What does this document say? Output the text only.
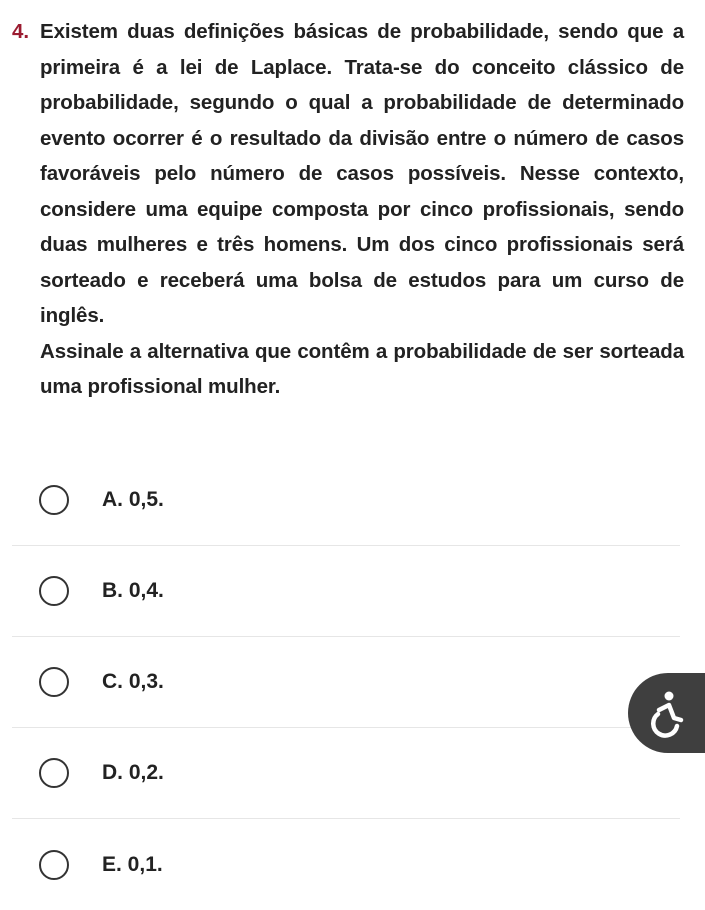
4. Existem duas definições básicas de probabilidade, sendo que a primeira é a lei de Laplace. Trata-se do conceito clássico de probabilidade, segundo o qual a probabilidade de determinado evento ocorrer é o resultado da divisão entre o número de casos favoráveis pelo número de casos possíveis. Nesse contexto, considere uma equipe composta por cinco profissionais, sendo duas mulheres e três homens. Um dos cinco profissionais será sorteado e receberá uma bolsa de estudos para um curso de inglês.

Assinale a alternativa que contêm a probabilidade de ser sorteada uma profissional mulher.

A. 0,5.
B. 0,4.
C. 0,3.
D. 0,2.
E. 0,1.
